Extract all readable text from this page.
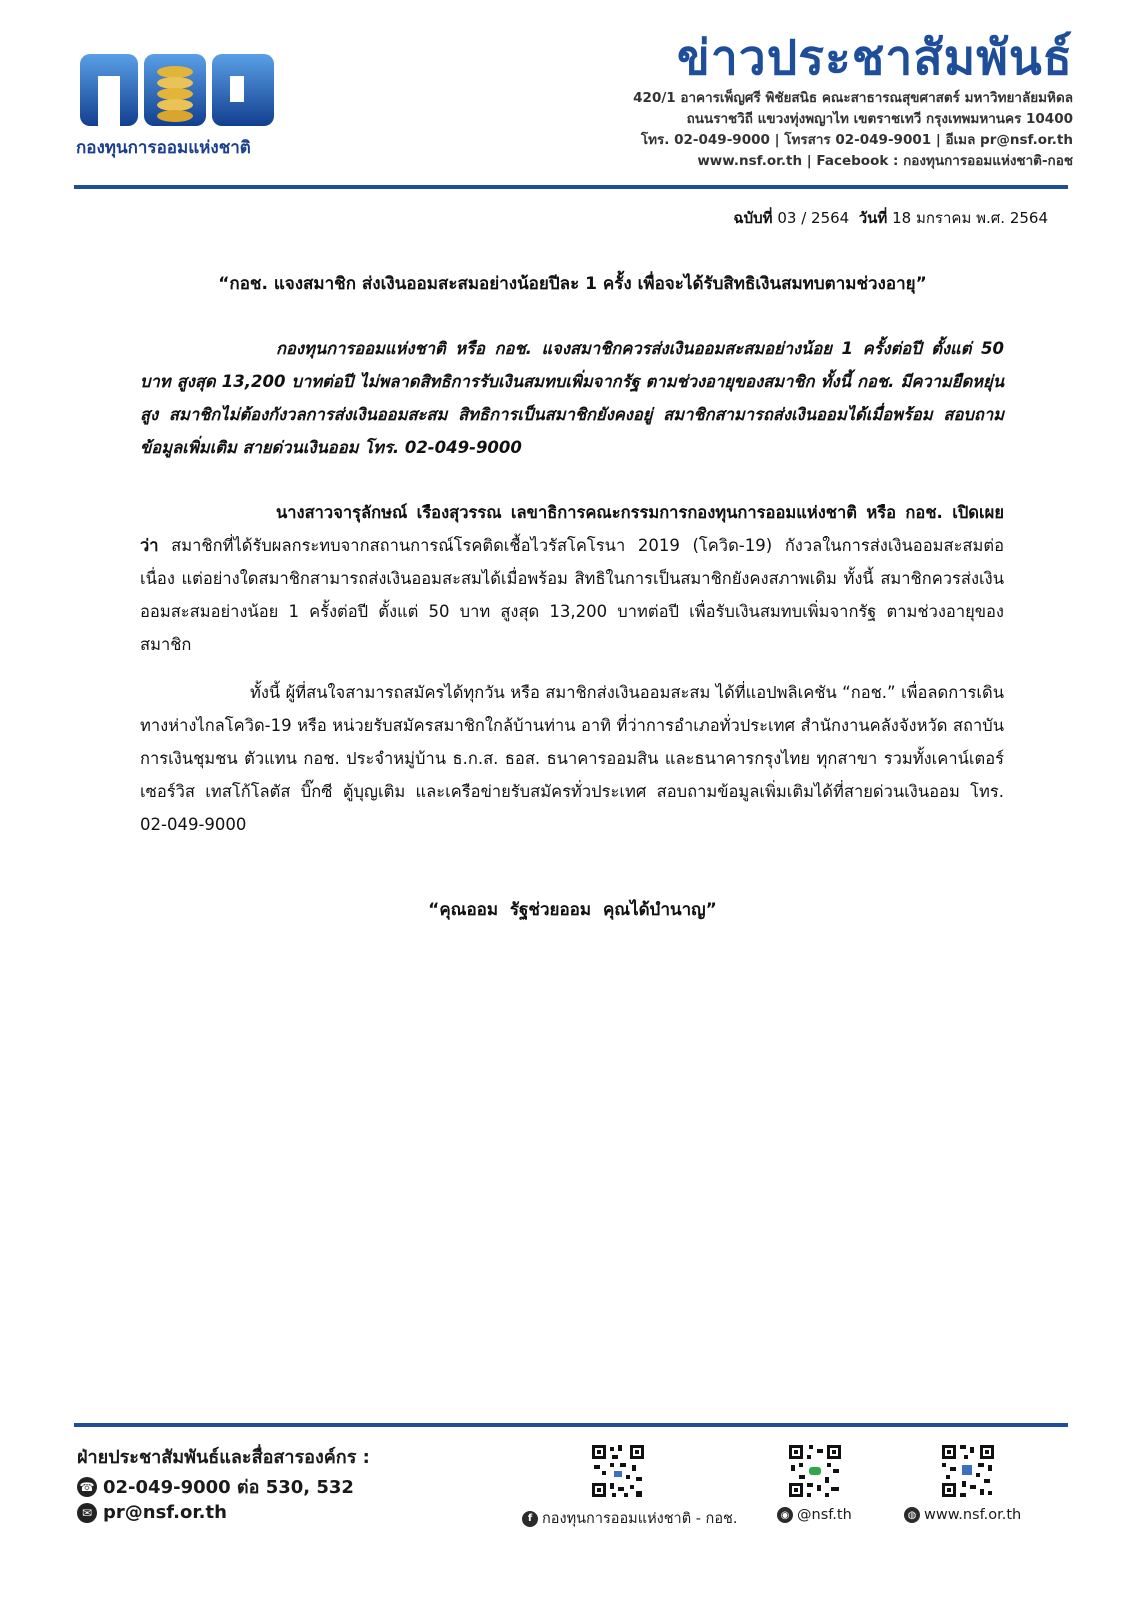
กองทุนการออมแห่งชาติ
ข่าวประชาสัมพันธ์
420/1 อาคารเพ็ญศรี พิชัยสนิธ คณะสาธารณสุขศาสตร์ มหาวิทยาลัยมหิดล
ถนนราชวิถี แขวงทุ่งพญาไท เขตราชเทวี กรุงเทพมหานคร 10400
โทร. 02-049-9000 | โทรสาร 02-049-9001 | อีเมล pr@nsf.or.th
www.nsf.or.th | Facebook : กองทุนการออมแห่งชาติ-กอช
ฉบับที่ 03 / 2564 วันที่ 18 มกราคม พ.ศ. 2564
“กอช. แจงสมาชิก ส่งเงินออมสะสมอย่างน้อยปีละ 1 ครั้ง เพื่อจะได้รับสิทธิเงินสมทบตามช่วงอายุ”
กองทุนการออมแห่งชาติ หรือ กอช. แจงสมาชิกควรส่งเงินออมสะสมอย่างน้อย 1 ครั้งต่อปี ตั้งแต่ 50 บาท สูงสุด 13,200 บาทต่อปี ไม่พลาดสิทธิการรับเงินสมทบเพิ่มจากรัฐ ตามช่วงอายุของสมาชิก ทั้งนี้ กอช. มีความยืดหยุ่นสูง สมาชิกไม่ต้องกังวลการส่งเงินออมสะสม สิทธิการเป็นสมาชิกยังคงอยู่ สมาชิกสามารถส่งเงินออมได้เมื่อพร้อม สอบถามข้อมูลเพิ่มเติม สายด่วนเงินออม โทร. 02-049-9000
นางสาวจารุลักษณ์ เรืองสุวรรณ เลขาธิการคณะกรรมการกองทุนการออมแห่งชาติ หรือ กอช. เปิดเผยว่า สมาชิกที่ได้รับผลกระทบจากสถานการณ์โรคติดเชื้อไวรัสโคโรนา 2019 (โควิด-19) กังวลในการส่งเงินออมสะสมต่อเนื่อง แต่อย่างใดสมาชิกสามารถส่งเงินออมสะสมได้เมื่อพร้อม สิทธิในการเป็นสมาชิกยังคงสภาพเดิม ทั้งนี้ สมาชิกควรส่งเงินออมสะสมอย่างน้อย 1 ครั้งต่อปี ตั้งแต่ 50 บาท สูงสุด 13,200 บาทต่อปี เพื่อรับเงินสมทบเพิ่มจากรัฐ ตามช่วงอายุของสมาชิก
ทั้งนี้ ผู้ที่สนใจสามารถสมัครได้ทุกวัน หรือ สมาชิกส่งเงินออมสะสม ได้ที่แอปพลิเคชัน “กอช.” เพื่อลดการเดินทางห่างไกลโควิด-19 หรือ หน่วยรับสมัครสมาชิกใกล้บ้านท่าน อาทิ ที่ว่าการอำเภอทั่วประเทศ สำนักงานคลังจังหวัด สถาบันการเงินชุมชน ตัวแทน กอช. ประจำหมู่บ้าน ธ.ก.ส. ธอส. ธนาคารออมสิน และธนาคารกรุงไทย ทุกสาขา รวมทั้งเคาน์เตอร์เซอร์วิส เทสโก้โลตัส บิ๊กซี ตู้บุญเติม และเครือข่ายรับสมัครทั่วประเทศ สอบถามข้อมูลเพิ่มเติมได้ที่สายด่วนเงินออม โทร. 02-049-9000
“คุณออม  รัฐช่วยออม  คุณได้บำนาญ”
ฝ่ายประชาสัมพันธ์และสื่อสารองค์กร :
☎ 02-049-9000 ต่อ 530, 532
✉ pr@nsf.or.th	f กองทุนการออมแห่งชาติ - กอช.	◉ @nsf.th	◍ www.nsf.or.th
